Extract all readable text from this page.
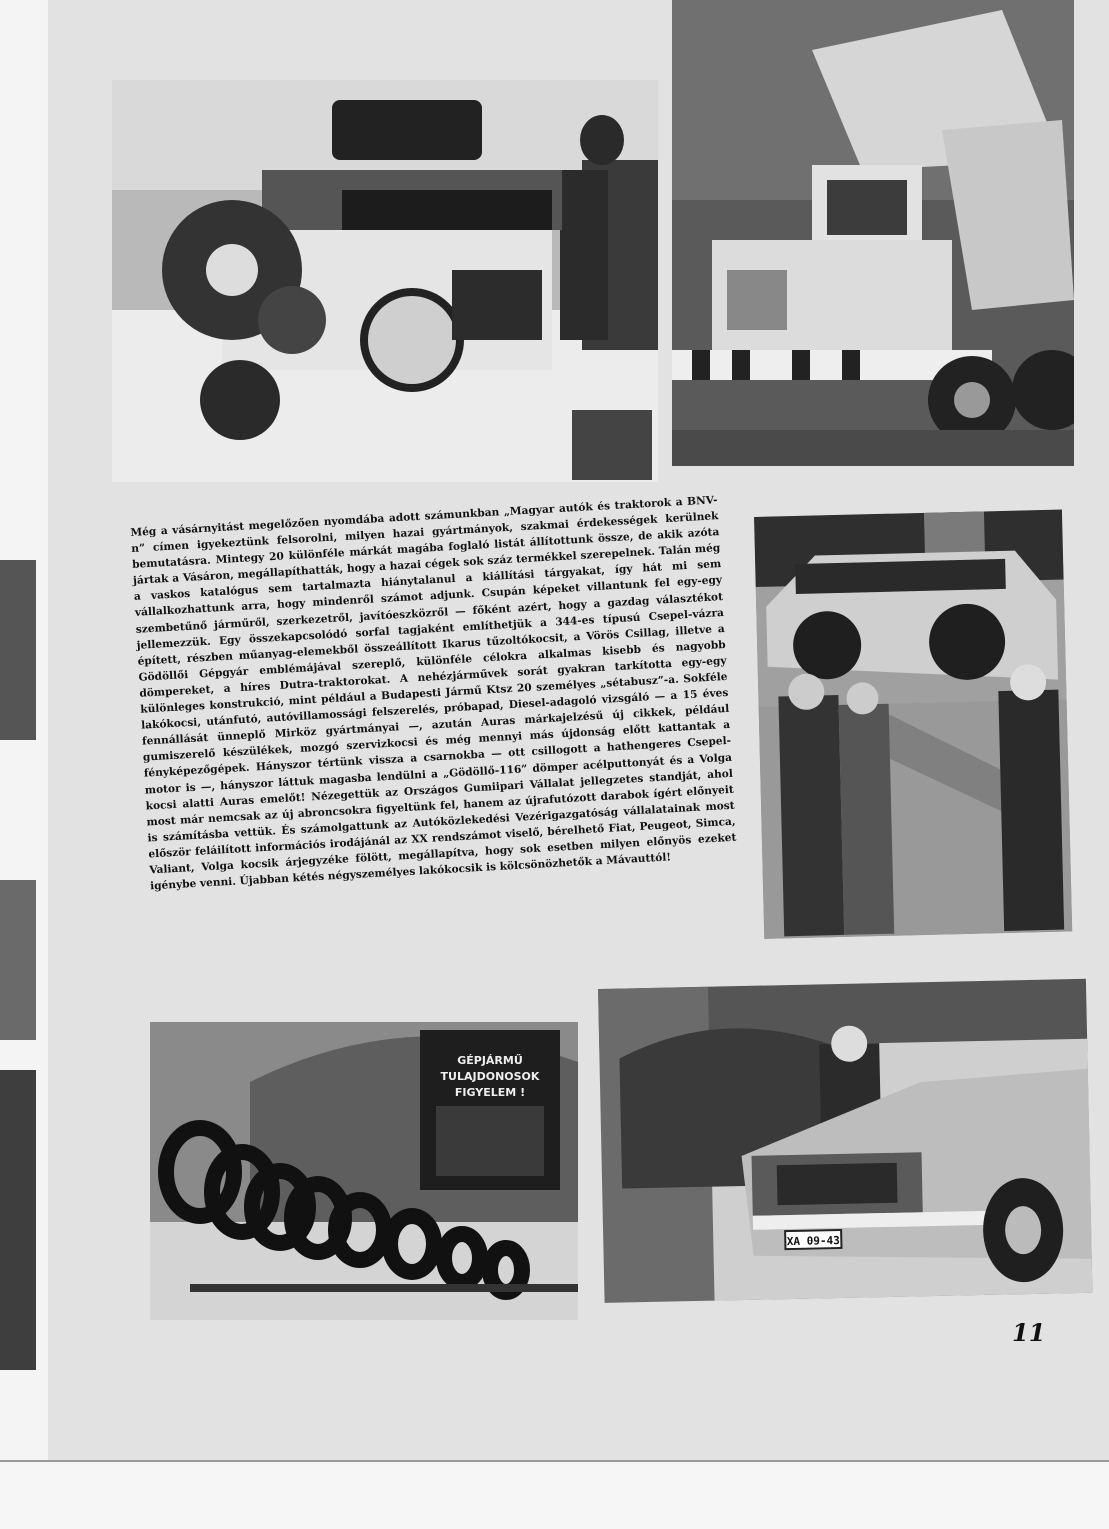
Még a vásárnyitást megelőzően nyomdába adott számunkban „Magyar autók és traktorok a BNV-n” címen igyekeztünk felsorolni, milyen hazai gyártmányok, szakmai érdekességek kerülnek bemutatásra. Mintegy 20 különféle márkát magába foglaló listát állítottunk össze, de akik azóta jártak a Vásáron, megállapíthatták, hogy a hazai cégek sok száz termékkel szerepelnek. Talán még a vaskos katalógus sem tartalmazta hiánytalanul a kiállítási tárgyakat, így hát mi sem vállalkozhattunk arra, hogy mindenről számot adjunk. Csupán képeket villantunk fel egy-egy szembetűnő járműről, szerkezetről, javítóeszközről — főként azért, hogy a gazdag választékot jellemezzük. Egy összekapcsolódó sorfal tagjaként említhetjük a 344-es típusú Csepel-vázra épített, részben műanyag-elemekből összeállított Ikarus tűzoltókocsit, a Vörös Csillag, illetve a Gödöllői Gépgyár emblémájával szereplő, különféle célokra alkalmas kisebb és nagyobb dömpereket, a híres Dutra-traktorokat. A nehézjárművek sorát gyakran tarkította egy-egy különleges konstrukció, mint például a Budapesti Jármű Ktsz 20 személyes „sétabusz”-a. Sokféle lakókocsi, utánfutó, autóvillamossági felszerelés, próbapad, Diesel-adagoló vizsgáló — a 15 éves fennállását ünneplő Mirköz gyártmányai —, azután Auras márkajelzésű új cikkek, például gumiszerelő készülékek, mozgó szervizkocsi és még mennyi más újdonság előtt kattantak a fényképezőgépek. Hányszor tértünk vissza a csarnokba — ott csillogott a hathengeres Csepel-motor is —, hányszor láttuk magasba lendülni a „Gödöllő-116” dömper acélputtonyát és a Volga kocsi alatti Auras emelőt! Nézegettük az Országos Gumiipari Vállalat jellegzetes standját, ahol most már nemcsak az új abroncsokra figyeltünk fel, hanem az újrafutózott darabok ígért előnyeit is számításba vettük. És számolgattunk az Autóközlekedési Vezérigazgatóság vállalatainak most először feláilított információs irodájánál az XX rendszámot viselő, bérelhető Fiat, Peugeot, Simca, Valiant, Volga kocsik árjegyzéke fölött, megállapítva, hogy sok esetben milyen előnyös ezeket igénybe venni. Újabban kétés négyszemélyes lakókocsik is kölcsönözhetők a Mávauttól!
GÉPJÁRMŰ
TULAJDONOSOK
FIGYELEM !
XA 09-43
11
